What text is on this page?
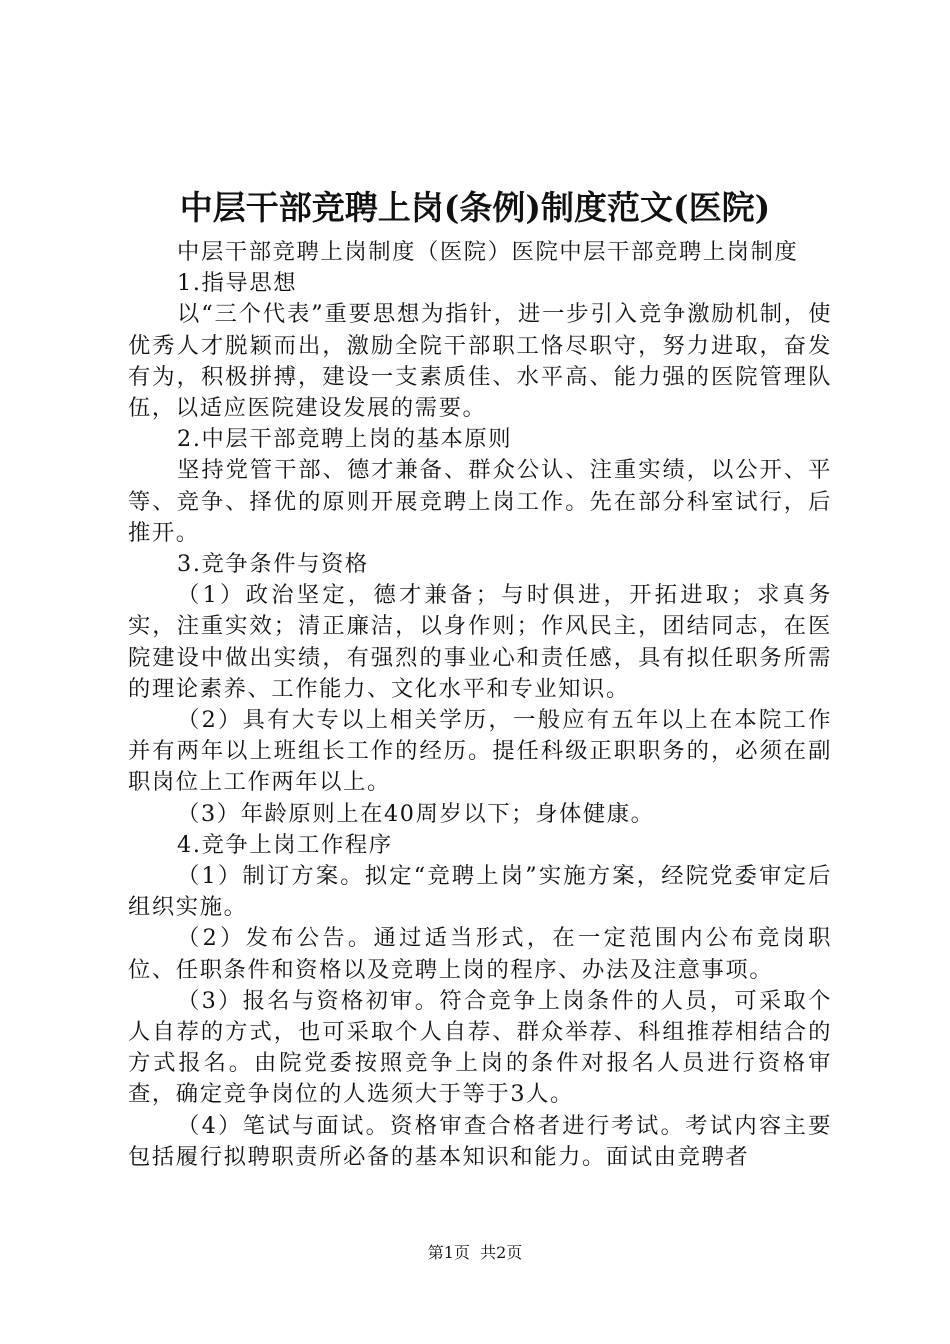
中层干部竞聘上岗(条例)制度范文(医院)

中层干部竞聘上岗制度（医院）医院中层干部竞聘上岗制度

1.指导思想

以“三个代表”重要思想为指针，进一步引入竞争激励机制，使优秀人才脱颖而出，激励全院干部职工恪尽职守，努力进取，奋发有为，积极拼搏，建设一支素质佳、水平高、能力强的医院管理队伍，以适应医院建设发展的需要。

2.中层干部竞聘上岗的基本原则

坚持党管干部、德才兼备、群众公认、注重实绩，以公开、平等、竞争、择优的原则开展竞聘上岗工作。先在部分科室试行，后推开。

3.竞争条件与资格

（1）政治坚定，德才兼备；与时俱进，开拓进取；求真务实，注重实效；清正廉洁，以身作则；作风民主，团结同志，在医院建设中做出实绩，有强烈的事业心和责任感，具有拟任职务所需的理论素养、工作能力、文化水平和专业知识。

（2）具有大专以上相关学历，一般应有五年以上在本院工作并有两年以上班组长工作的经历。提任科级正职职务的，必须在副职岗位上工作两年以上。

（3）年龄原则上在40周岁以下；身体健康。

4.竞争上岗工作程序

（1）制订方案。拟定“竞聘上岗”实施方案，经院党委审定后组织实施。

（2）发布公告。通过适当形式，在一定范围内公布竞岗职位、任职条件和资格以及竞聘上岗的程序、办法及注意事项。

（3）报名与资格初审。符合竞争上岗条件的人员，可采取个人自荐的方式，也可采取个人自荐、群众举荐、科组推荐相结合的方式报名。由院党委按照竞争上岗的条件对报名人员进行资格审查，确定竞争岗位的人选须大于等于3人。

（4）笔试与面试。资格审查合格者进行考试。考试内容主要包括履行拟聘职责所必备的基本知识和能力。面试由竞聘者

第1页 共2页
